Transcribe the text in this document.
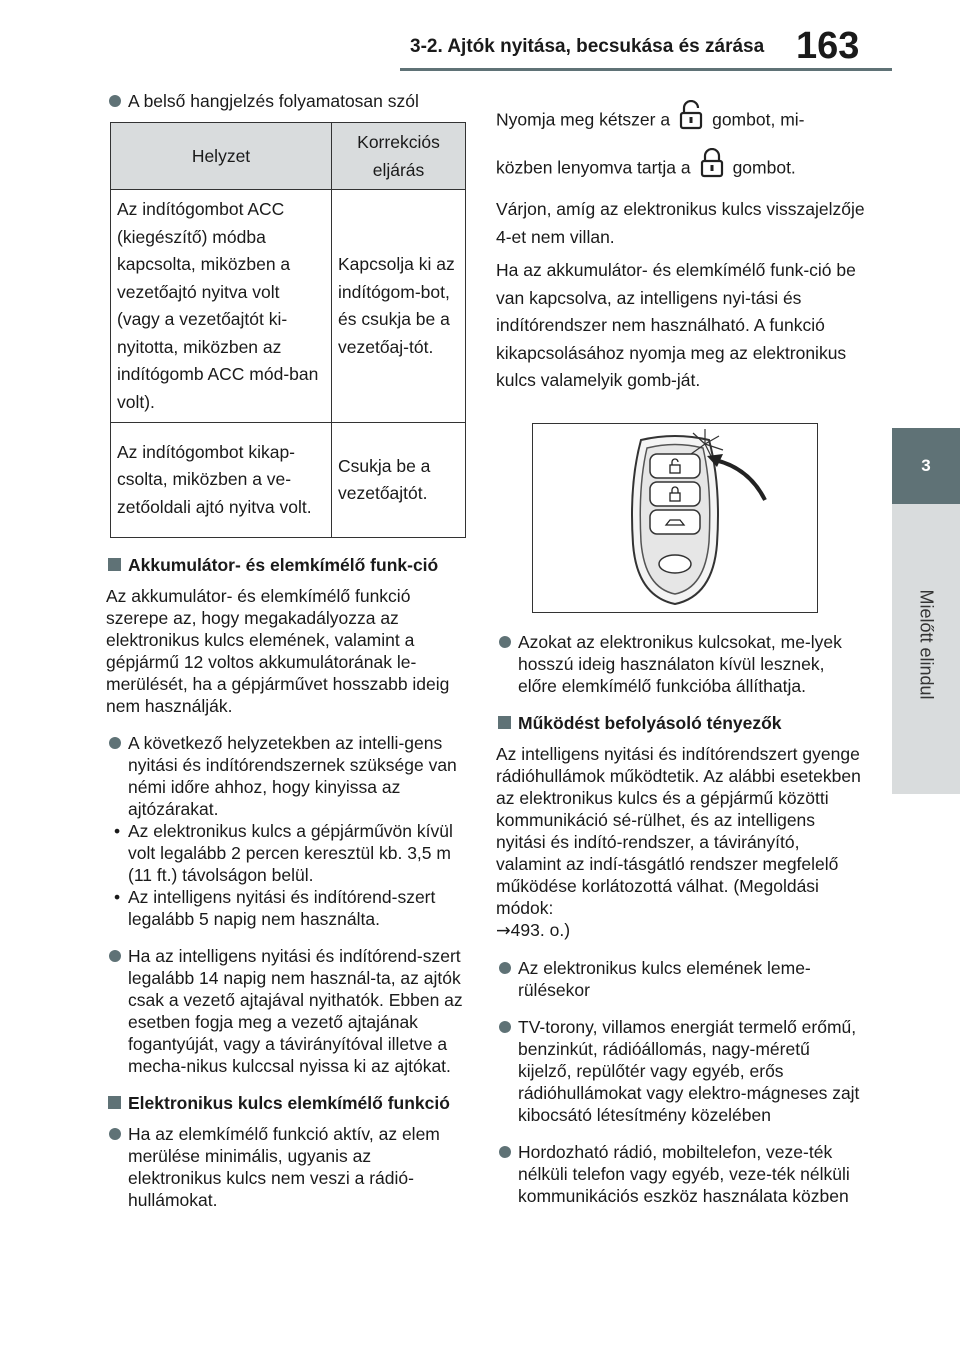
3-2. Ajtók nyitása, becsukása és zárása 163
3
Mielőtt elindul
A belső hangjelzés folyamatosan szól
Helyzet	Korrekciós eljárás
Az indítógombot ACC (kiegészítő) módba kapcsolta, miközben a vezetőajtó nyitva volt (vagy a vezetőajtót ki-nyitotta, miközben az indítógomb ACC mód-ban volt).	Kapcsolja ki az indítógom-bot, és csukja be a vezetőaj-tót.
Az indítógombot kikap-csolta, miközben a ve-zetőoldali ajtó nyitva volt.	Csukja be a vezetőajtót.
Akkumulátor- és elemkímélő funk-ció
Az akkumulátor- és elemkímélő funkció szerepe az, hogy megakadályozza az elektronikus kulcs elemének, valamint a gépjármű 12 voltos akkumulátorának le-merülését, ha a gépjárművet hosszabb ideig nem használják.
A következő helyzetekben az intelli-gens nyitási és indítórendszernek szüksége van némi időre ahhoz, hogy kinyissa az ajtózárakat.
• Az elektronikus kulcs a gépjárművön kívül volt legalább 2 percen keresztül kb. 3,5 m (11 ft.) távolságon belül.
• Az intelligens nyitási és indítórend-szert legalább 5 napig nem használta.
Ha az intelligens nyitási és indítórend-szert legalább 14 napig nem használ-ta, az ajtók csak a vezető ajtajával nyithatók. Ebben az esetben fogja meg a vezető ajtajának fogantyúját, vagy a távirányítóval illetve a mecha-nikus kulccsal nyissa ki az ajtókat.
Elektronikus kulcs elemkímélő funkció
Ha az elemkímélő funkció aktív, az elem merülése minimális, ugyanis az elektronikus kulcs nem veszi a rádió-hullámokat.
Nyomja meg kétszer a gombot, mi-
közben lenyomva tartja a gombot.
Várjon, amíg az elektronikus kulcs visszajelzője 4-et nem villan.
Ha az akkumulátor- és elemkímélő funk-ció be van kapcsolva, az intelligens nyi-tási és indítórendszer nem használható. A funkció kikapcsolásához nyomja meg az elektronikus kulcs valamelyik gomb-ját.
Azokat az elektronikus kulcsokat, me-lyek hosszú ideig használaton kívül lesznek, előre elemkímélő funkcióba állíthatja.
Működést befolyásoló tényezők
Az intelligens nyitási és indítórendszert gyenge rádióhullámok működtetik. Az alábbi esetekben az elektronikus kulcs és a gépjármű közötti kommunikáció sé-rülhet, és az intelligens nyitási és indító-rendszer, a távirányító, valamint az indí-tásgátló rendszer megfelelő működése korlátozottá válhat. (Megoldási módok:
→493. o.)
Az elektronikus kulcs elemének leme-rülésekor
TV-torony, villamos energiát termelő erőmű, benzinkút, rádióállomás, nagy-méretű kijelző, repülőtér vagy egyéb, erős rádióhullámokat vagy elektro-mágneses zajt kibocsátó létesítmény közelében
Hordozható rádió, mobiltelefon, veze-ték nélküli telefon vagy egyéb, veze-ték nélküli kommunikációs eszköz használata közben
